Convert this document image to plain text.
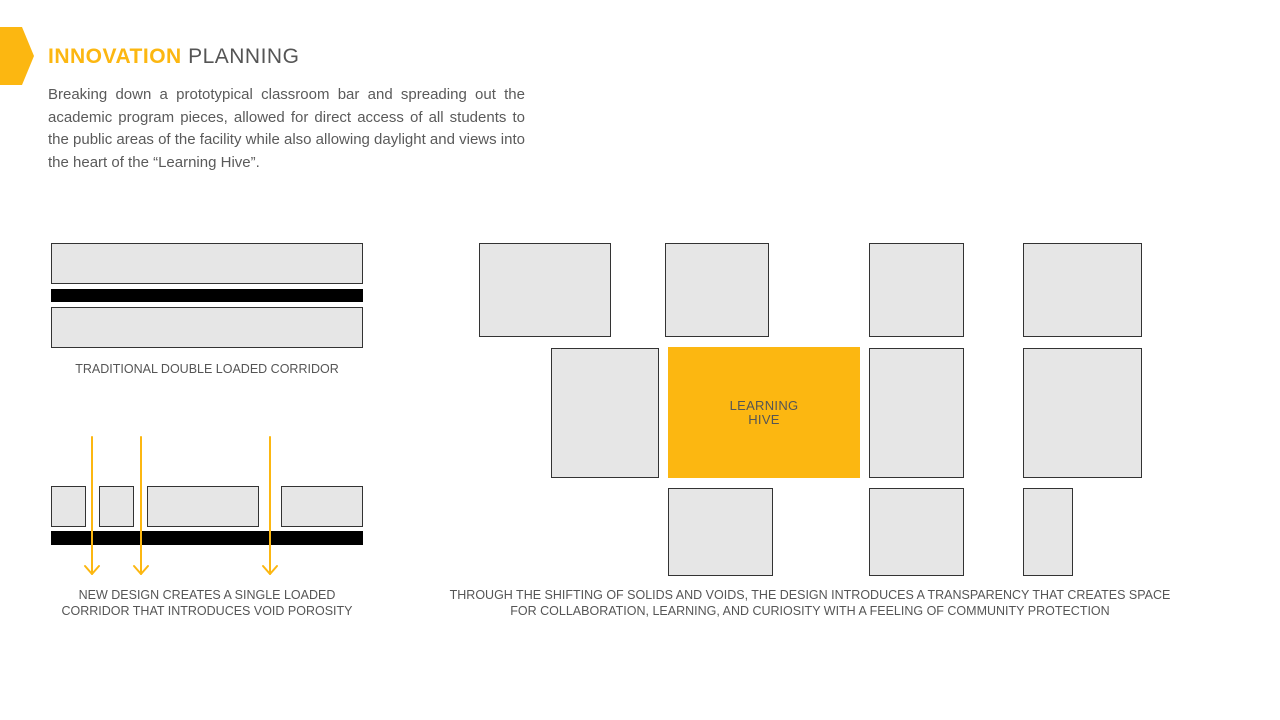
INNOVATION PLANNING
Breaking down a prototypical classroom bar and spreading out the academic program pieces, allowed for direct access of all students to the public areas of the facility while also allowing daylight and views into the heart of the “Learning Hive”.
TRADITIONAL DOUBLE LOADED CORRIDOR
NEW DESIGN CREATES A SINGLE LOADED
CORRIDOR THAT INTRODUCES VOID POROSITY
LEARNING
HIVE
THROUGH THE SHIFTING OF SOLIDS AND VOIDS, THE DESIGN INTRODUCES A TRANSPARENCY THAT CREATES SPACE
FOR COLLABORATION, LEARNING, AND CURIOSITY WITH A FEELING OF COMMUNITY PROTECTION
